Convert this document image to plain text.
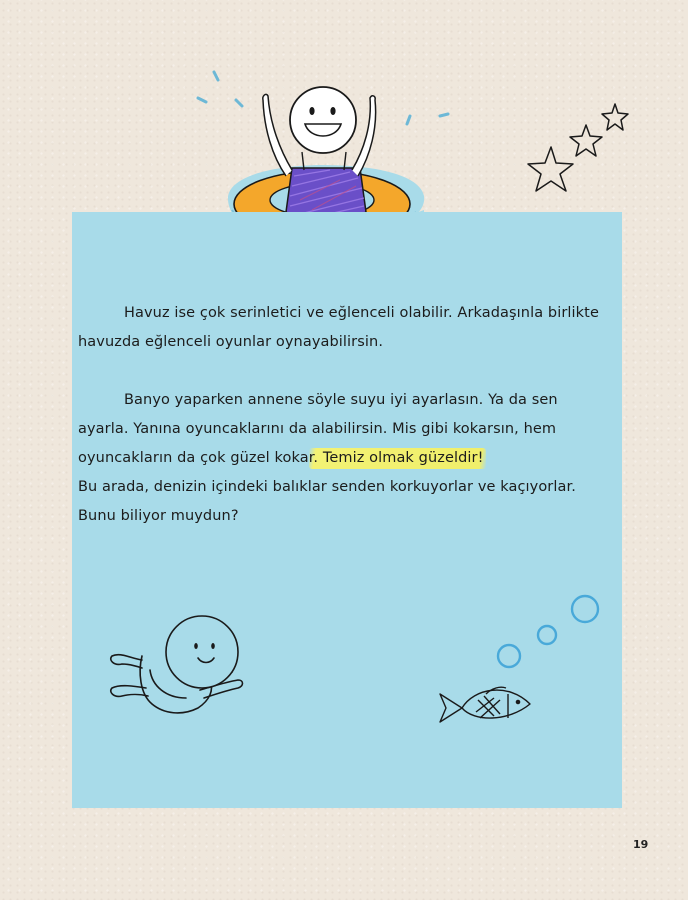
Havuz ise çok serinletici ve eğlenceli olabilir. Arkadaşınla birlikte
havuzda eğlenceli oyunlar oynayabilirsin.

Banyo yaparken annene söyle suyu iyi ayarlasın. Ya da sen
ayarla. Yanına oyuncaklarını da alabilirsin. Mis gibi kokarsın, hem
oyuncakların da çok güzel kokar. Temiz olmak güzeldir!
Bu arada, denizin içindeki balıklar senden korkuyorlar ve kaçıyorlar.
Bunu biliyor muydun?

19
